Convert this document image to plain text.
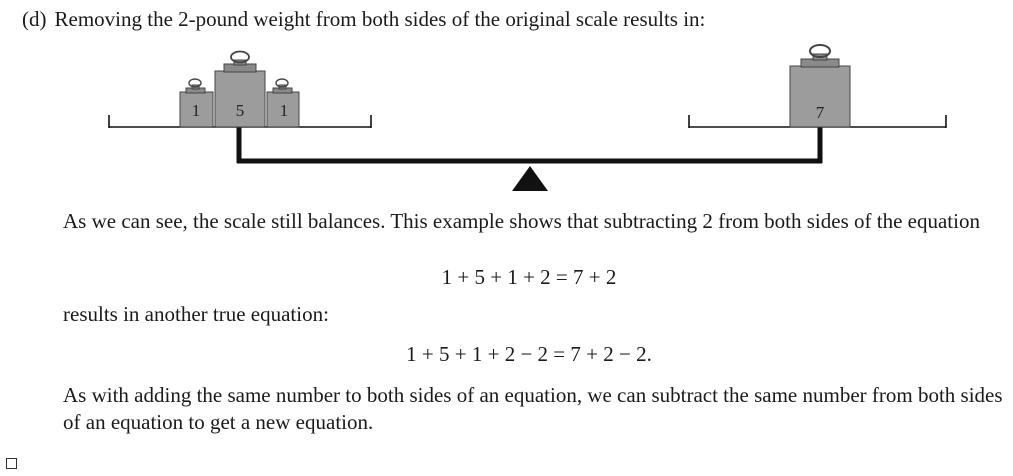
(d) Removing the 2-pound weight from both sides of the original scale results in:
1 5 1	7
As we can see, the scale still balances. This example shows that subtracting 2 from both sides of the equation
1 + 5 + 1 + 2 = 7 + 2
results in another true equation:
1 + 5 + 1 + 2 − 2 = 7 + 2 − 2.
As with adding the same number to both sides of an equation, we can subtract the same number from both sides of an equation to get a new equation.
